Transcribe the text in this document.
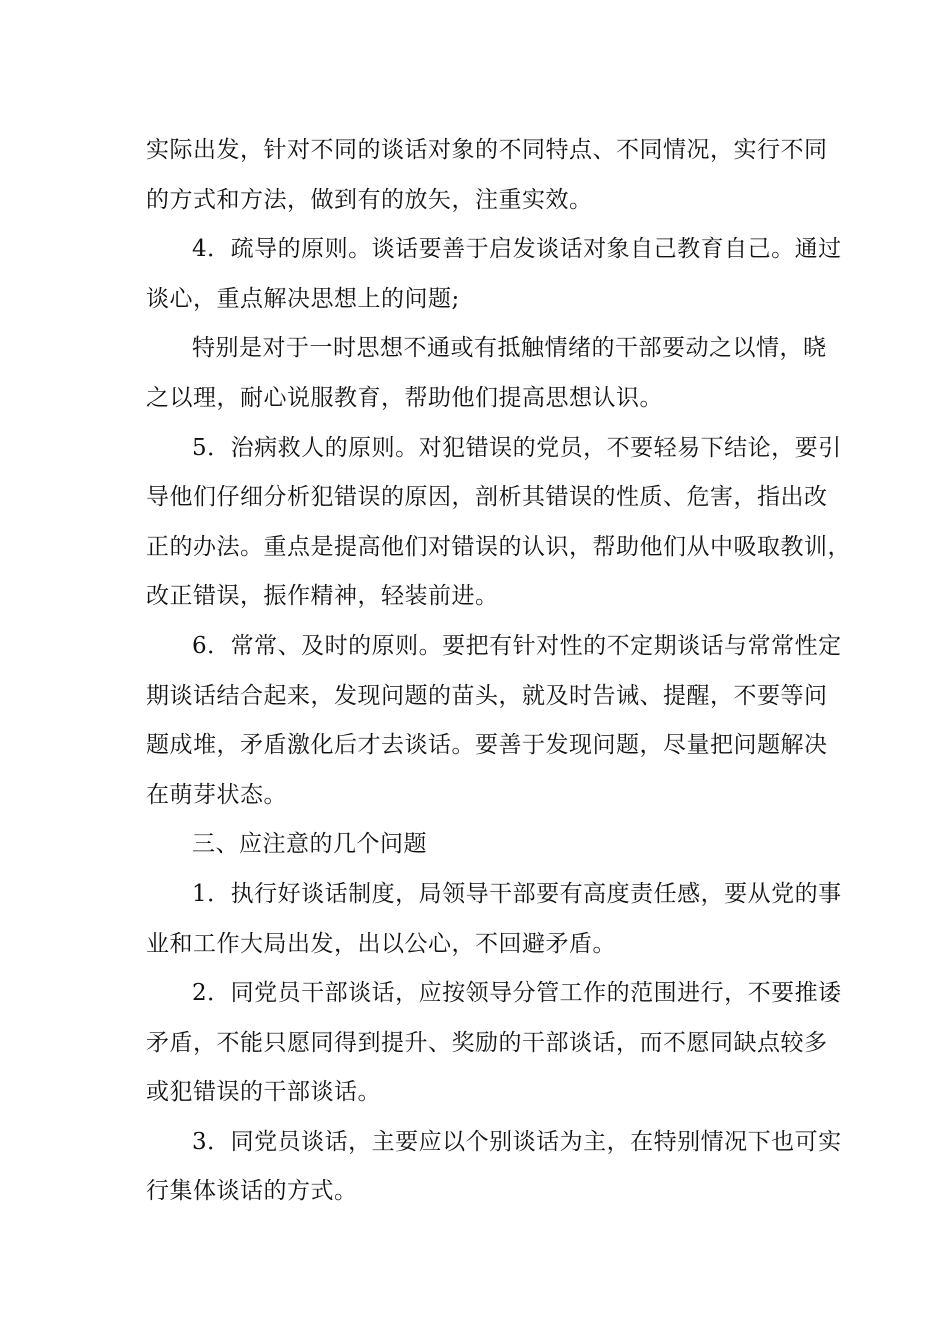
实际出发，针对不同的谈话对象的不同特点、不同情况，实行不同
的方式和方法，做到有的放矢，注重实效。
4．疏导的原则。谈话要善于启发谈话对象自己教育自己。通过
谈心，重点解决思想上的问题;
特别是对于一时思想不通或有抵触情绪的干部要动之以情，晓
之以理，耐心说服教育，帮助他们提高思想认识。
5．治病救人的原则。对犯错误的党员，不要轻易下结论，要引
导他们仔细分析犯错误的原因，剖析其错误的性质、危害，指出改
正的办法。重点是提高他们对错误的认识，帮助他们从中吸取教训，
改正错误，振作精神，轻装前进。
6．常常、及时的原则。要把有针对性的不定期谈话与常常性定
期谈话结合起来，发现问题的苗头，就及时告诫、提醒，不要等问
题成堆，矛盾激化后才去谈话。要善于发现问题，尽量把问题解决
在萌芽状态。
三、应注意的几个问题
1．执行好谈话制度，局领导干部要有高度责任感，要从党的事
业和工作大局出发，出以公心，不回避矛盾。
2．同党员干部谈话，应按领导分管工作的范围进行，不要推诿
矛盾，不能只愿同得到提升、奖励的干部谈话，而不愿同缺点较多
或犯错误的干部谈话。
3．同党员谈话，主要应以个别谈话为主，在特别情况下也可实
行集体谈话的方式。
